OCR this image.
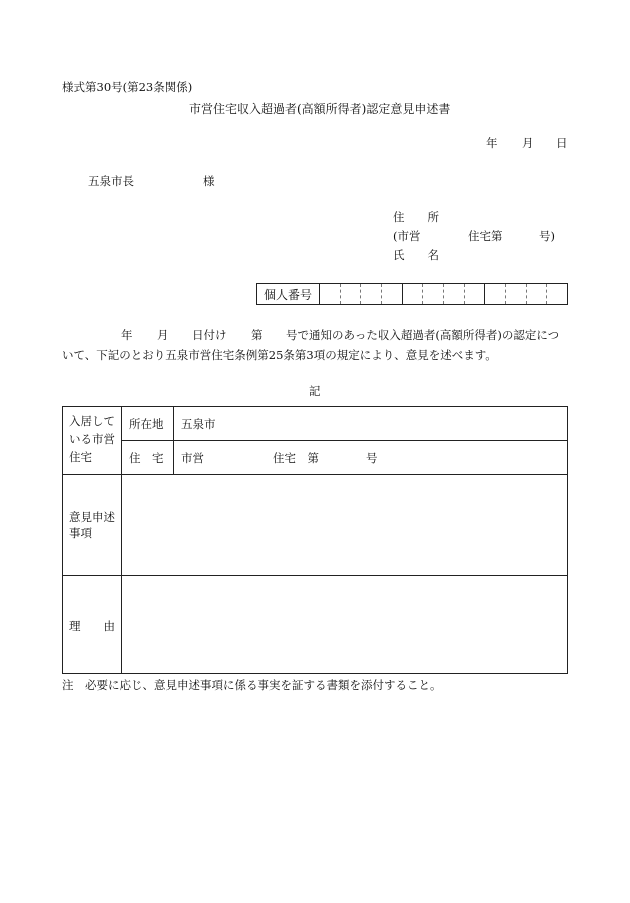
様式第30号(第23条関係)
市営住宅収入超過者(高額所得者)認定意見申述書
年 月 日
五泉市長	様
住　　所
(市営	住宅第	号)
氏　　名
個人番号
年 月 日付け 第 号で通知のあった収入超過者(高額所得者)の認定につ
いて、下記のとおり五泉市営住宅条例第25条第3項の規定により、意見を述べます。
記
入居して
いる市営
住宅
所在地 五泉市
住　宅 市営	住宅　第	号
意見申述
事項
理　　由
注　必要に応じ、意見申述事項に係る事実を証する書類を添付すること。
